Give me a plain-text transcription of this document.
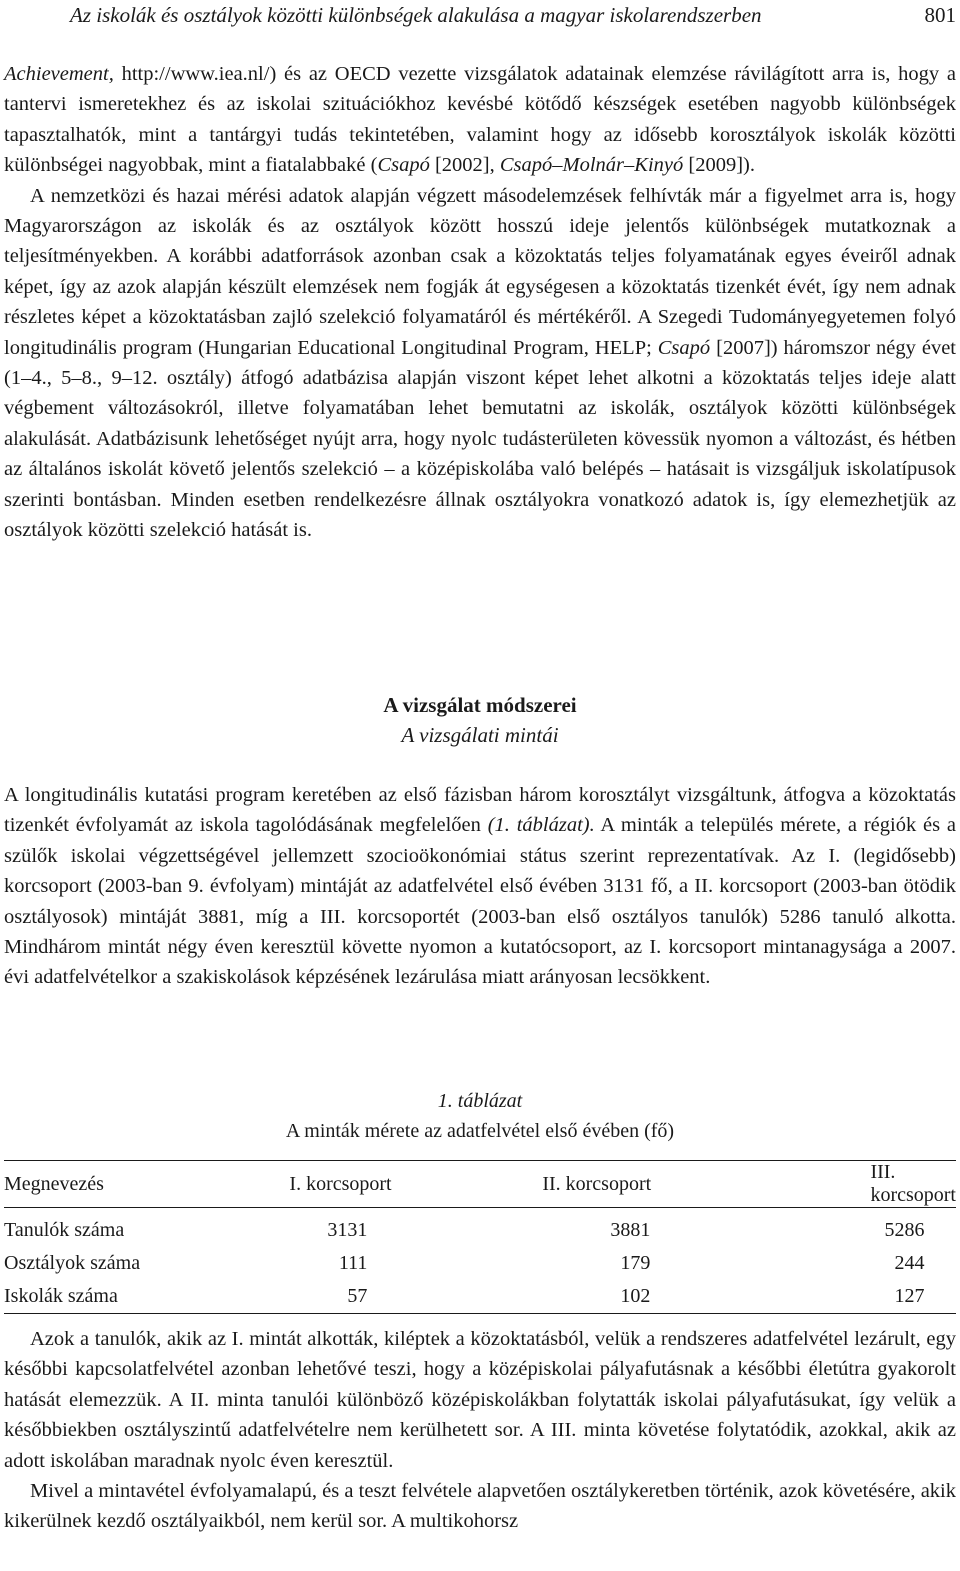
Az iskolák és osztályok közötti különbségek alakulása a magyar iskolarendszerben	801

Achievement, http://www.iea.nl/) és az OECD vezette vizsgálatok adatainak elemzése rávilágított arra is, hogy a tantervi ismeretekhez és az iskolai szituációkhoz kevésbé kötődő készségek esetében nagyobb különbségek tapasztalhatók, mint a tantárgyi tudás tekintetében, valamint hogy az idősebb korosztályok iskolák közötti különbségei nagyobbak, mint a fiatalabbaké (Csapó [2002], Csapó–Molnár–Kinyó [2009]).

A nemzetközi és hazai mérési adatok alapján végzett másodelemzések felhívták már a figyelmet arra is, hogy Magyarországon az iskolák és az osztályok között hosszú ideje jelentős különbségek mutatkoznak a teljesítményekben. A korábbi adatforrások azonban csak a közoktatás teljes folyamatának egyes éveiről adnak képet, így az azok alapján készült elemzések nem fogják át egységesen a közoktatás tizenkét évét, így nem adnak részletes képet a közoktatásban zajló szelekció folyamatáról és mértékéről. A Szegedi Tudományegyetemen folyó longitudinális program (Hungarian Educational Longitudinal Program, HELP; Csapó [2007]) háromszor négy évet (1–4., 5–8., 9–12. osztály) átfogó adatbázisa alapján viszont képet lehet alkotni a közoktatás teljes ideje alatt végbement változásokról, illetve folyamatában lehet bemutatni az iskolák, osztályok közötti különbségek alakulását. Adatbázisunk lehetőséget nyújt arra, hogy nyolc tudásterületen kövessük nyomon a változást, és hétben az általános iskolát követő jelentős szelekció – a középiskolába való belépés – hatásait is vizsgáljuk iskolatípusok szerinti bontásban. Minden esetben rendelkezésre állnak osztályokra vonatkozó adatok is, így elemezhetjük az osztályok közötti szelekció hatását is.

A vizsgálat módszerei
A vizsgálati mintái

A longitudinális kutatási program keretében az első fázisban három korosztályt vizsgáltunk, átfogva a közoktatás tizenkét évfolyamát az iskola tagolódásának megfelelően (1. táblázat). A minták a település mérete, a régiók és a szülők iskolai végzettségével jellemzett szocioökonómiai státus szerint reprezentatívak. Az I. (legidősebb) korcsoport (2003-ban 9. évfolyam) mintáját az adatfelvétel első évében 3131 fő, a II. korcsoport (2003-ban ötödik osztályosok) mintáját 3881, míg a III. korcsoportét (2003-ban első osztályos tanulók) 5286 tanuló alkotta. Mindhárom mintát négy éven keresztül követte nyomon a kutatócsoport, az I. korcsoport mintanagysága a 2007. évi adatfelvételkor a szakiskolások képzésének lezárulása miatt arányosan lecsökkent.

1. táblázat
A minták mérete az adatfelvétel első évében (fő)
Megnevezés	I. korcsoport	II. korcsoport	III. korcsoport
Tanulók száma	3131	3881	5286
Osztályok száma	111	179	244
Iskolák száma	57	102	127

Azok a tanulók, akik az I. mintát alkották, kiléptek a közoktatásból, velük a rendszeres adatfelvétel lezárult, egy későbbi kapcsolatfelvétel azonban lehetővé teszi, hogy a középiskolai pályafutásnak a későbbi életútra gyakorolt hatását elemezzük. A II. minta tanulói különböző középiskolákban folytatták iskolai pályafutásukat, így velük a későbbiekben osztályszintű adatfelvételre nem kerülhetett sor. A III. minta követése folytatódik, azokkal, akik az adott iskolában maradnak nyolc éven keresztül.

Mivel a mintavétel évfolyamalapú, és a teszt felvétele alapvetően osztálykeretben történik, azok követésére, akik kikerülnek kezdő osztályaikból, nem kerül sor. A multikohorsz
